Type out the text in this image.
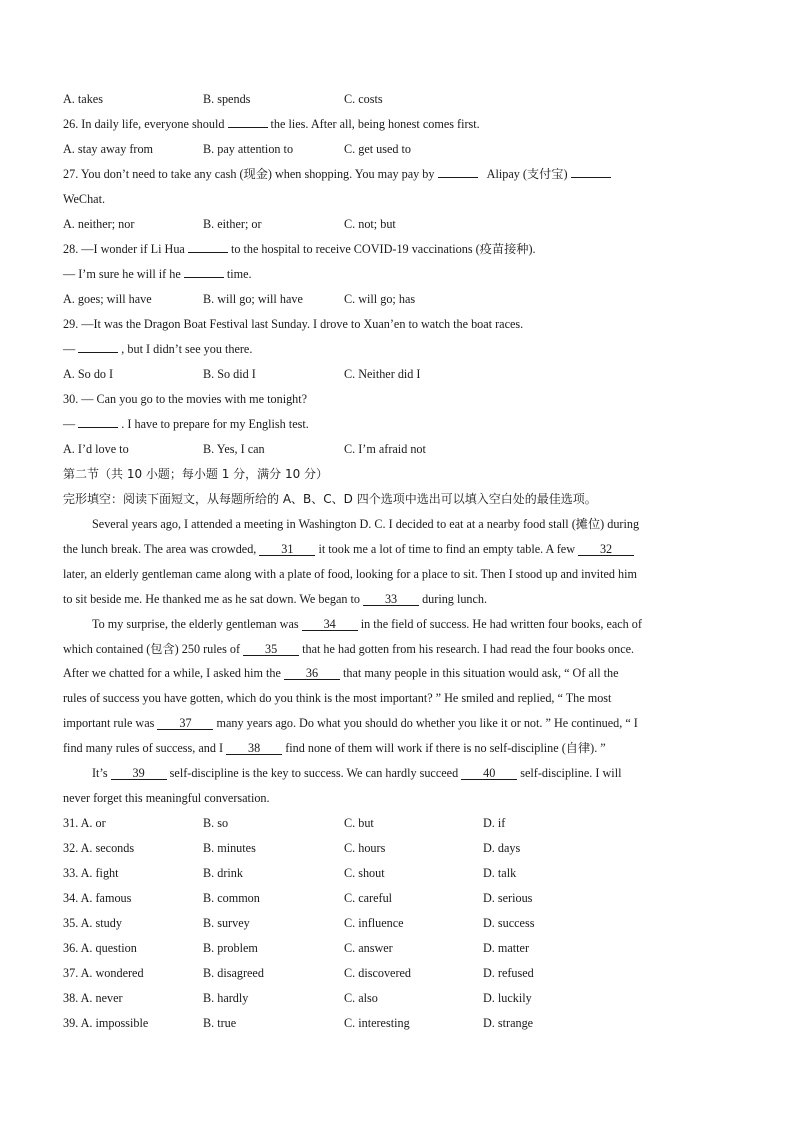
A. takes	B. spends	C. costs
26. In daily life, everyone should	the lies. After all, being honest comes first.
A. stay away from	B. pay attention to	C. get used to
27. You don’t need to take any cash (现金) when shopping. You may pay by	Alipay (支付宝)
WeChat.
A. neither; nor	B. either; or	C. not; but
28. —I wonder if Li Hua	to the hospital to receive COVID-19 vaccinations (疫苗接种).
— I’m sure he will if he	time.
A. goes; will have	B. will go; will have	C. will go; has
29. —It was the Dragon Boat Festival last Sunday. I drove to Xuan’en to watch the boat races.
—	, but I didn’t see you there.
A. So do I	B. So did I	C. Neither did I
30. — Can you go to the movies with me tonight?
—	. I have to prepare for my English test.
A. I’d love to	B. Yes, I can	C. I’m afraid not
第二节（共 10 小题；每小题 1 分，满分 10 分）
完形填空：阅读下面短文，从每题所给的 A、B、C、D 四个选项中选出可以填入空白处的最佳选项。
Several years ago, I attended a meeting in Washington D. C. I decided to eat at a nearby food stall (摊位) during
the lunch break. The area was crowded, 31 it took me a lot of time to find an empty table. A few 32
later, an elderly gentleman came along with a plate of food, looking for a place to sit. Then I stood up and invited him
to sit beside me. He thanked me as he sat down. We began to 33 during lunch.
To my surprise, the elderly gentleman was 34 in the field of success. He had written four books, each of
which contained (包含) 250 rules of 35 that he had gotten from his research. I had read the four books once.
After we chatted for a while, I asked him the 36 that many people in this situation would ask, “ Of all the
rules of success you have gotten, which do you think is the most important? ” He smiled and replied, “ The most
important rule was 37 many years ago. Do what you should do whether you like it or not. ” He continued, “ I
find many rules of success, and I 38 find none of them will work if there is no self-discipline (自律). ”
It’s 39 self-discipline is the key to success. We can hardly succeed 40 self-discipline. I will
never forget this meaningful conversation.
31. A. or	B. so	C. but	D. if
32. A. seconds	B. minutes	C. hours	D. days
33. A. fight	B. drink	C. shout	D. talk
34. A. famous	B. common	C. careful	D. serious
35. A. study	B. survey	C. influence	D. success
36. A. question	B. problem	C. answer	D. matter
37. A. wondered	B. disagreed	C. discovered	D. refused
38. A. never	B. hardly	C. also	D. luckily
39. A. impossible	B. true	C. interesting	D. strange
